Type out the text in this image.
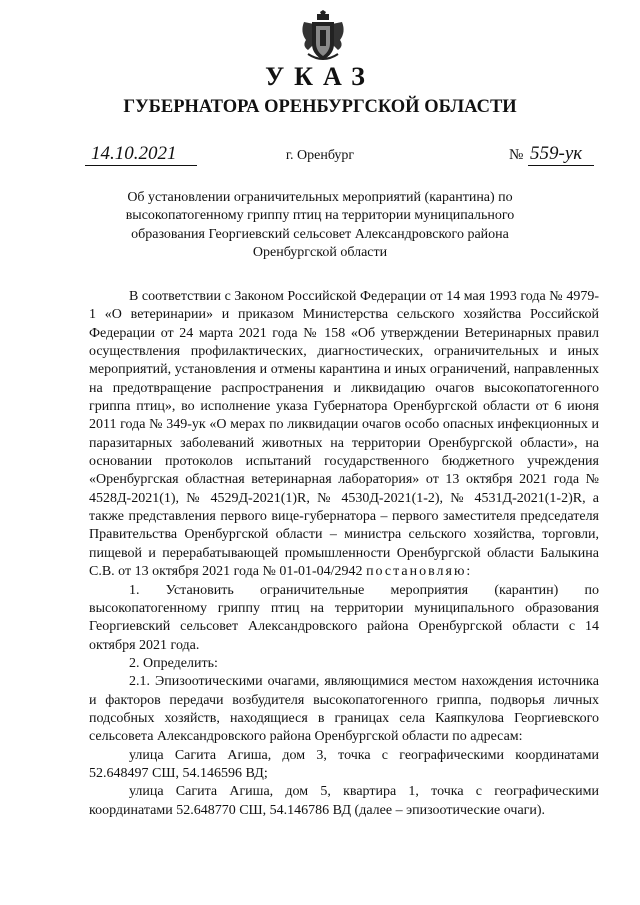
УКАЗ
ГУБЕРНАТОРА ОРЕНБУРГСКОЙ ОБЛАСТИ
14.10.2021	г. Оренбург	№ 559-ук

Об установлении ограничительных мероприятий (карантина) по высокопатогенному гриппу птиц на территории муниципального образования Георгиевский сельсовет Александровского района Оренбургской области

В соответствии с Законом Российской Федерации от 14 мая 1993 года № 4979-1 «О ветеринарии» и приказом Министерства сельского хозяйства Российской Федерации от 24 марта 2021 года № 158 «Об утверждении Ветеринарных правил осуществления профилактических, диагностических, ограничительных и иных мероприятий, установления и отмены карантина и иных ограничений, направленных на предотвращение распространения и ликвидацию очагов высокопатогенного гриппа птиц», во исполнение указа Губернатора Оренбургской области от 6 июня 2011 года № 349-ук «О мерах по ликвидации очагов особо опасных инфекционных и паразитарных заболеваний животных на территории Оренбургской области», на основании протоколов испытаний государственного бюджетного учреждения «Оренбургская областная ветеринарная лаборатория» от 13 октября 2021 года № 4528Д-2021(1), № 4529Д-2021(1)R, № 4530Д-2021(1-2), № 4531Д-2021(1-2)R, а также представления первого вице-губернатора – первого заместителя председателя Правительства Оренбургской области – министра сельского хозяйства, торговли, пищевой и перерабатывающей промышленности Оренбургской области Балыкина С.В. от 13 октября 2021 года № 01-01-04/2942 постановляю:

1. Установить ограничительные мероприятия (карантин) по высокопатогенному гриппу птиц на территории муниципального образования Георгиевский сельсовет Александровского района Оренбургской области с 14 октября 2021 года.

2. Определить:

2.1. Эпизоотическими очагами, являющимися местом нахождения источника и факторов передачи возбудителя высокопатогенного гриппа, подворья личных подсобных хозяйств, находящиеся в границах села Каяпкулова Георгиевского сельсовета Александровского района Оренбургской области по адресам:

улица Сагита Агиша, дом 3, точка с географическими координатами 52.648497 СШ, 54.146596 ВД;

улица Сагита Агиша, дом 5, квартира 1, точка с географическими координатами 52.648770 СШ, 54.146786 ВД (далее – эпизоотические очаги).
